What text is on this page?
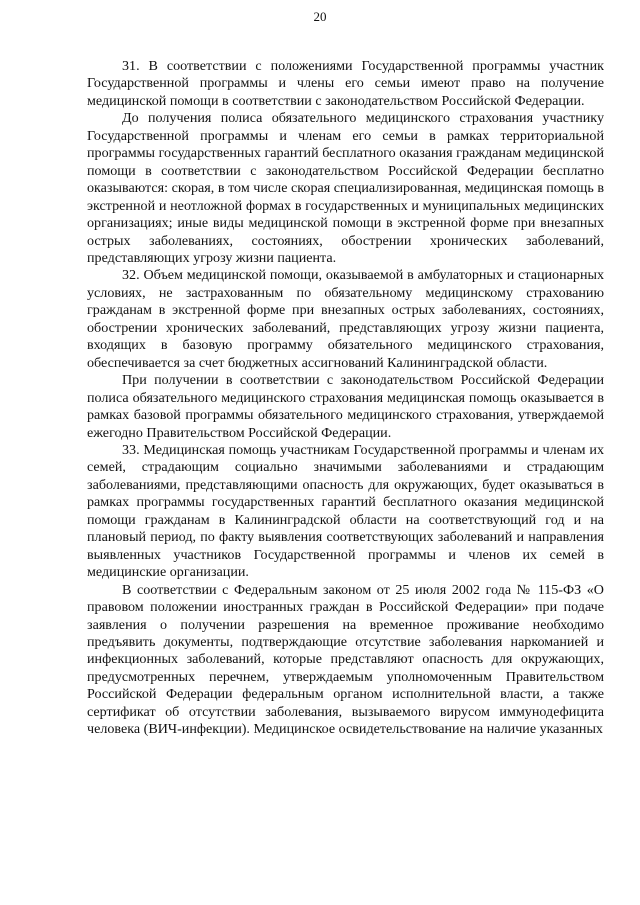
20

31. В соответствии с положениями Государственной программы участник Государственной программы и члены его семьи имеют право на получение медицинской помощи в соответствии с законодательством Российской Федерации.

До получения полиса обязательного медицинского страхования участнику Государственной программы и членам его семьи в рамках территориальной программы государственных гарантий бесплатного оказания гражданам медицинской помощи в соответствии с законодательством Российской Федерации бесплатно оказываются: скорая, в том числе скорая специализированная, медицинская помощь в экстренной и неотложной формах в государственных и муниципальных медицинских организациях; иные виды медицинской помощи в экстренной форме при внезапных острых заболеваниях, состояниях, обострении хронических заболеваний, представляющих угрозу жизни пациента.

32. Объем медицинской помощи, оказываемой в амбулаторных и стационарных условиях, не застрахованным по обязательному медицинскому страхованию гражданам в экстренной форме при внезапных острых заболеваниях, состояниях, обострении хронических заболеваний, представляющих угрозу жизни пациента, входящих в базовую программу обязательного медицинского страхования, обеспечивается за счет бюджетных ассигнований Калининградской области.

При получении в соответствии с законодательством Российской Федерации полиса обязательного медицинского страхования медицинская помощь оказывается в рамках базовой программы обязательного медицинского страхования, утверждаемой ежегодно Правительством Российской Федерации.

33. Медицинская помощь участникам Государственной программы и членам их семей, страдающим социально значимыми заболеваниями и страдающим заболеваниями, представляющими опасность для окружающих, будет оказываться в рамках программы государственных гарантий бесплатного оказания медицинской помощи гражданам в Калининградской области на соответствующий год и на плановый период, по факту выявления соответствующих заболеваний и направления выявленных участников Государственной программы и членов их семей в медицинские организации.

В соответствии с Федеральным законом от 25 июля 2002 года № 115-ФЗ «О правовом положении иностранных граждан в Российской Федерации» при подаче заявления о получении разрешения на временное проживание необходимо предъявить документы, подтверждающие отсутствие заболевания наркоманией и инфекционных заболеваний, которые представляют опасность для окружающих, предусмотренных перечнем, утверждаемым уполномоченным Правительством Российской Федерации федеральным органом исполнительной власти, а также сертификат об отсутствии заболевания, вызываемого вирусом иммунодефицита человека (ВИЧ-инфекции). Медицинское освидетельствование на наличие указанных
